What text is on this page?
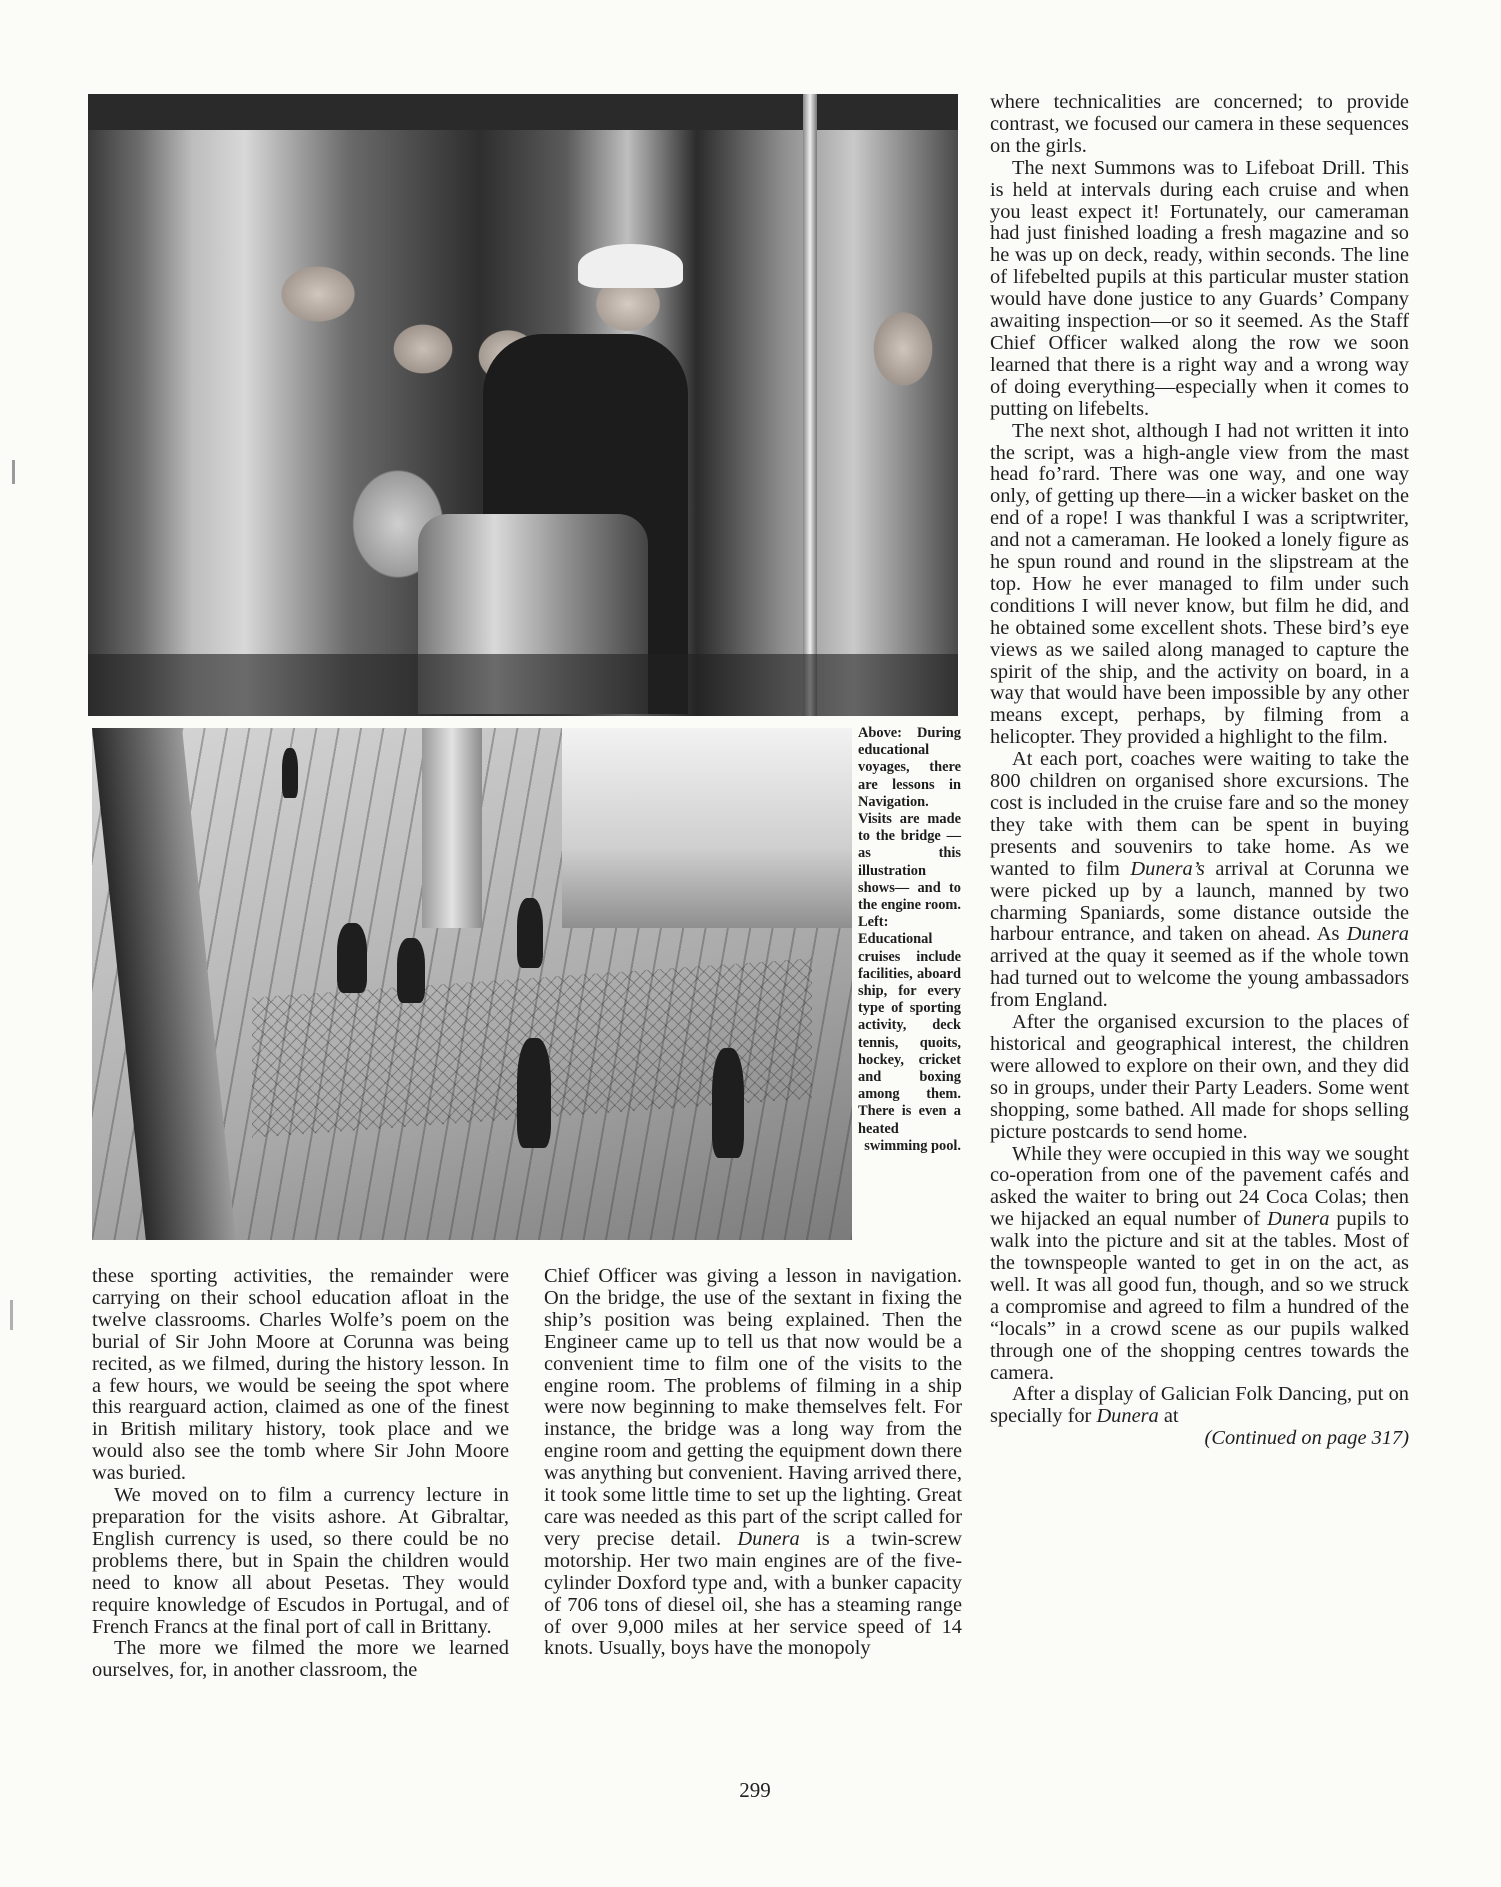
Above: During educational voyages, there are lessons in Navigation. Visits are made to the bridge — as this illustration shows— and to the engine room. Left: Educational cruises include facilities, aboard ship, for every type of sporting activity, deck tennis, quoits, hockey, cricket and boxing among them. There is even a heated swimming pool.

these sporting activities, the remainder were carrying on their school education afloat in the twelve classrooms. Charles Wolfe’s poem on the burial of Sir John Moore at Corunna was being recited, as we filmed, during the history lesson. In a few hours, we would be seeing the spot where this rearguard action, claimed as one of the finest in British military history, took place and we would also see the tomb where Sir John Moore was buried.

We moved on to film a currency lecture in preparation for the visits ashore. At Gibraltar, English currency is used, so there could be no problems there, but in Spain the children would need to know all about Pesetas. They would require knowledge of Escudos in Portugal, and of French Francs at the final port of call in Brittany.

The more we filmed the more we learned ourselves, for, in another classroom, the

Chief Officer was giving a lesson in navigation. On the bridge, the use of the sextant in fixing the ship’s position was being explained. Then the Engineer came up to tell us that now would be a convenient time to film one of the visits to the engine room. The problems of filming in a ship were now beginning to make themselves felt. For instance, the bridge was a long way from the engine room and getting the equipment down there was anything but convenient. Having arrived there, it took some little time to set up the lighting. Great care was needed as this part of the script called for very precise detail. Dunera is a twin-screw motorship. Her two main engines are of the five-cylinder Doxford type and, with a bunker capacity of 706 tons of diesel oil, she has a steaming range of over 9,000 miles at her service speed of 14 knots. Usually, boys have the monopoly

where technicalities are concerned; to provide contrast, we focused our camera in these sequences on the girls.

The next Summons was to Lifeboat Drill. This is held at intervals during each cruise and when you least expect it! Fortunately, our cameraman had just finished loading a fresh magazine and so he was up on deck, ready, within seconds. The line of lifebelted pupils at this particular muster station would have done justice to any Guards’ Company awaiting inspection—or so it seemed. As the Staff Chief Officer walked along the row we soon learned that there is a right way and a wrong way of doing everything—especially when it comes to putting on lifebelts.

The next shot, although I had not written it into the script, was a high-angle view from the mast head fo’rard. There was one way, and one way only, of getting up there—in a wicker basket on the end of a rope! I was thankful I was a scriptwriter, and not a cameraman. He looked a lonely figure as he spun round and round in the slipstream at the top. How he ever managed to film under such conditions I will never know, but film he did, and he obtained some excellent shots. These bird’s eye views as we sailed along managed to capture the spirit of the ship, and the activity on board, in a way that would have been impossible by any other means except, perhaps, by filming from a helicopter. They provided a highlight to the film.

At each port, coaches were waiting to take the 800 children on organised shore excursions. The cost is included in the cruise fare and so the money they take with them can be spent in buying presents and souvenirs to take home. As we wanted to film Dunera’s arrival at Corunna we were picked up by a launch, manned by two charming Spaniards, some distance outside the harbour entrance, and taken on ahead. As Dunera arrived at the quay it seemed as if the whole town had turned out to welcome the young ambassadors from England.

After the organised excursion to the places of historical and geographical interest, the children were allowed to explore on their own, and they did so in groups, under their Party Leaders. Some went shopping, some bathed. All made for shops selling picture postcards to send home.

While they were occupied in this way we sought co-operation from one of the pavement cafés and asked the waiter to bring out 24 Coca Colas; then we hijacked an equal number of Dunera pupils to walk into the picture and sit at the tables. Most of the townspeople wanted to get in on the act, as well. It was all good fun, though, and so we struck a compromise and agreed to film a hundred of the “locals” in a crowd scene as our pupils walked through one of the shopping centres towards the camera.

After a display of Galician Folk Dancing, put on specially for Dunera at
(Continued on page 317)

299
